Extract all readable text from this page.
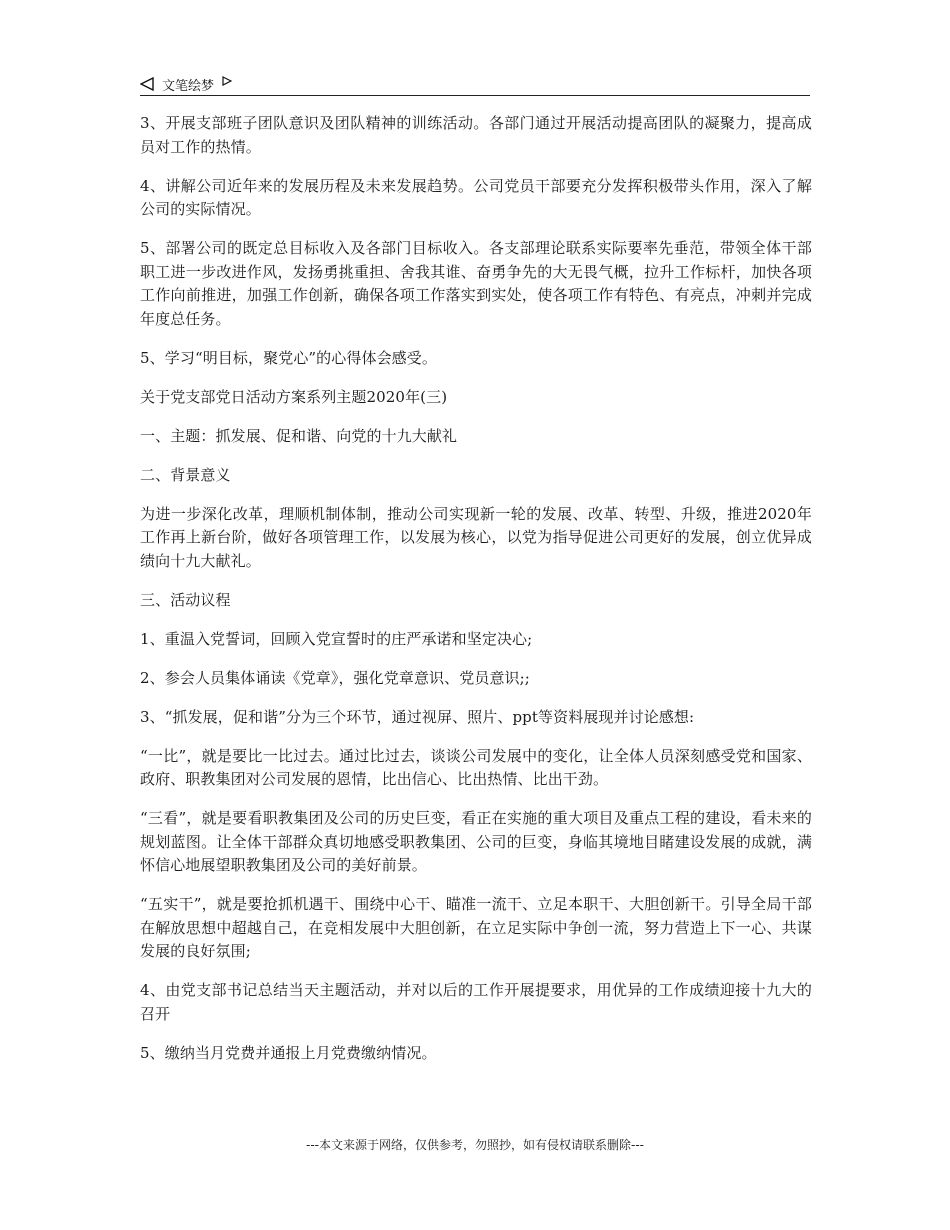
文笔绘梦

3、开展支部班子团队意识及团队精神的训练活动。各部门通过开展活动提高团队的凝聚力，提高成员对工作的热情。

4、讲解公司近年来的发展历程及未来发展趋势。公司党员干部要充分发挥积极带头作用，深入了解公司的实际情况。

5、部署公司的既定总目标收入及各部门目标收入。各支部理论联系实际要率先垂范，带领全体干部职工进一步改进作风，发扬勇挑重担、舍我其谁、奋勇争先的大无畏气概，拉升工作标杆，加快各项工作向前推进，加强工作创新，确保各项工作落实到实处，使各项工作有特色、有亮点，冲刺并完成年度总任务。

5、学习“明目标，聚党心”的心得体会感受。

关于党支部党日活动方案系列主题2020年(三)

一、主题：抓发展、促和谐、向党的十九大献礼

二、背景意义

为进一步深化改革，理顺机制体制，推动公司实现新一轮的发展、改革、转型、升级，推进2020年工作再上新台阶，做好各项管理工作，以发展为核心，以党为指导促进公司更好的发展，创立优异成绩向十九大献礼。

三、活动议程

1、重温入党誓词，回顾入党宣誓时的庄严承诺和坚定决心;

2、参会人员集体诵读《党章》，强化党章意识、党员意识;;

3、“抓发展，促和谐”分为三个环节，通过视屏、照片、ppt等资料展现并讨论感想:

“一比”，就是要比一比过去。通过比过去，谈谈公司发展中的变化，让全体人员深刻感受党和国家、政府、职教集团对公司发展的恩情，比出信心、比出热情、比出干劲。

“三看”，就是要看职教集团及公司的历史巨变，看正在实施的重大项目及重点工程的建设，看未来的规划蓝图。让全体干部群众真切地感受职教集团、公司的巨变，身临其境地目睹建设发展的成就，满怀信心地展望职教集团及公司的美好前景。

“五实干”，就是要抢抓机遇干、围绕中心干、瞄准一流干、立足本职干、大胆创新干。引导全局干部在解放思想中超越自己，在竞相发展中大胆创新，在立足实际中争创一流，努力营造上下一心、共谋发展的良好氛围;

4、由党支部书记总结当天主题活动，并对以后的工作开展提要求，用优异的工作成绩迎接十九大的召开

5、缴纳当月党费并通报上月党费缴纳情况。

---本文来源于网络，仅供参考，勿照抄，如有侵权请联系删除---
